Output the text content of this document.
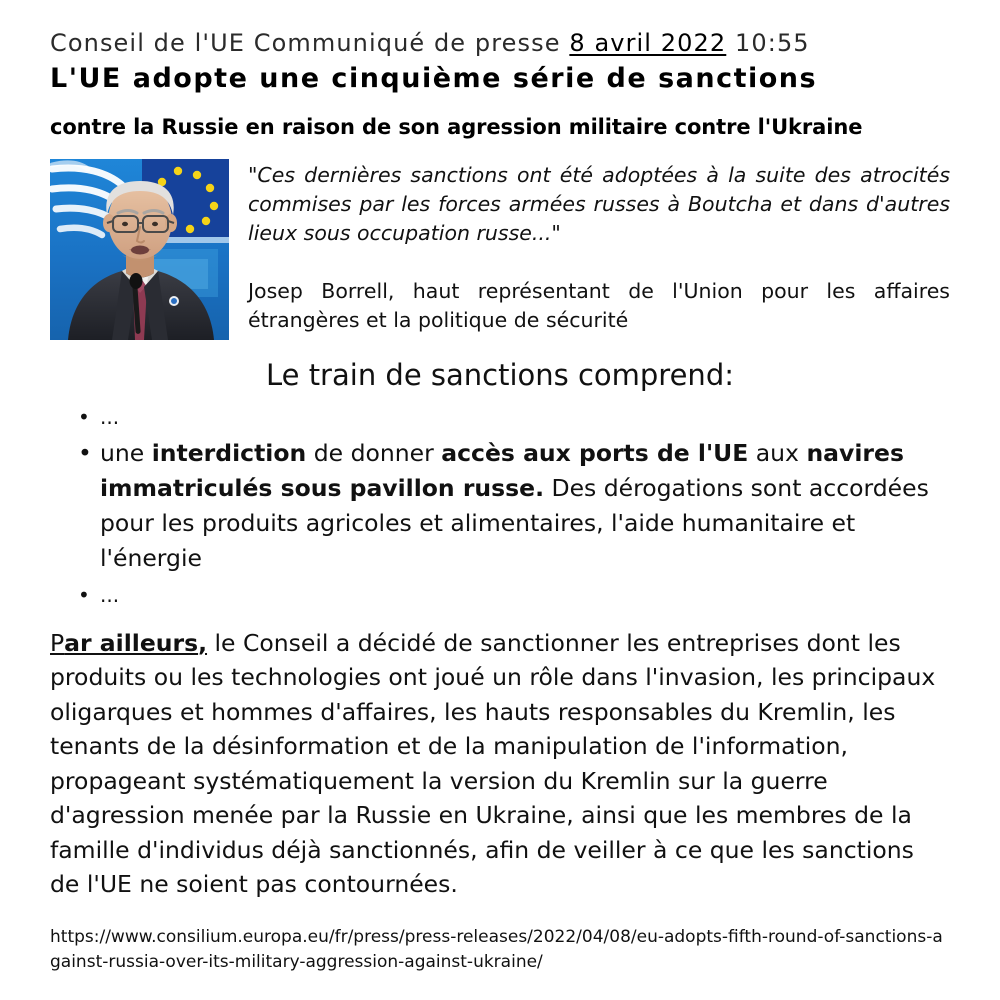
Conseil de l'UE Communiqué de presse 8 avril 2022 10:55
L'UE adopte une cinquième série de sanctions
contre la Russie en raison de son agression militaire contre l'Ukraine
"Ces dernières sanctions ont été adoptées à la suite des atrocités commises par les forces armées russes à Boutcha et dans d'autres lieux sous occupation russe..."
Josep Borrell, haut représentant de l'Union pour les affaires étrangères et la politique de sécurité
Le train de sanctions comprend:
• ...
• une interdiction de donner accès aux ports de l'UE aux navires immatriculés sous pavillon russe. Des dérogations sont accordées pour les produits agricoles et alimentaires, l'aide humanitaire et l'énergie
• ...

Par ailleurs, le Conseil a décidé de sanctionner les entreprises dont les produits ou les technologies ont joué un rôle dans l'invasion, les principaux oligarques et hommes d'affaires, les hauts responsables du Kremlin, les tenants de la désinformation et de la manipulation de l'information, propageant systématiquement la version du Kremlin sur la guerre d'agression menée par la Russie en Ukraine, ainsi que les membres de la famille d'individus déjà sanctionnés, afin de veiller à ce que les sanctions de l'UE ne soient pas contournées.

https://www.consilium.europa.eu/fr/press/press-releases/2022/04/08/eu-adopts-fifth-round-of-sanctions-against-russia-over-its-military-aggression-against-ukraine/
